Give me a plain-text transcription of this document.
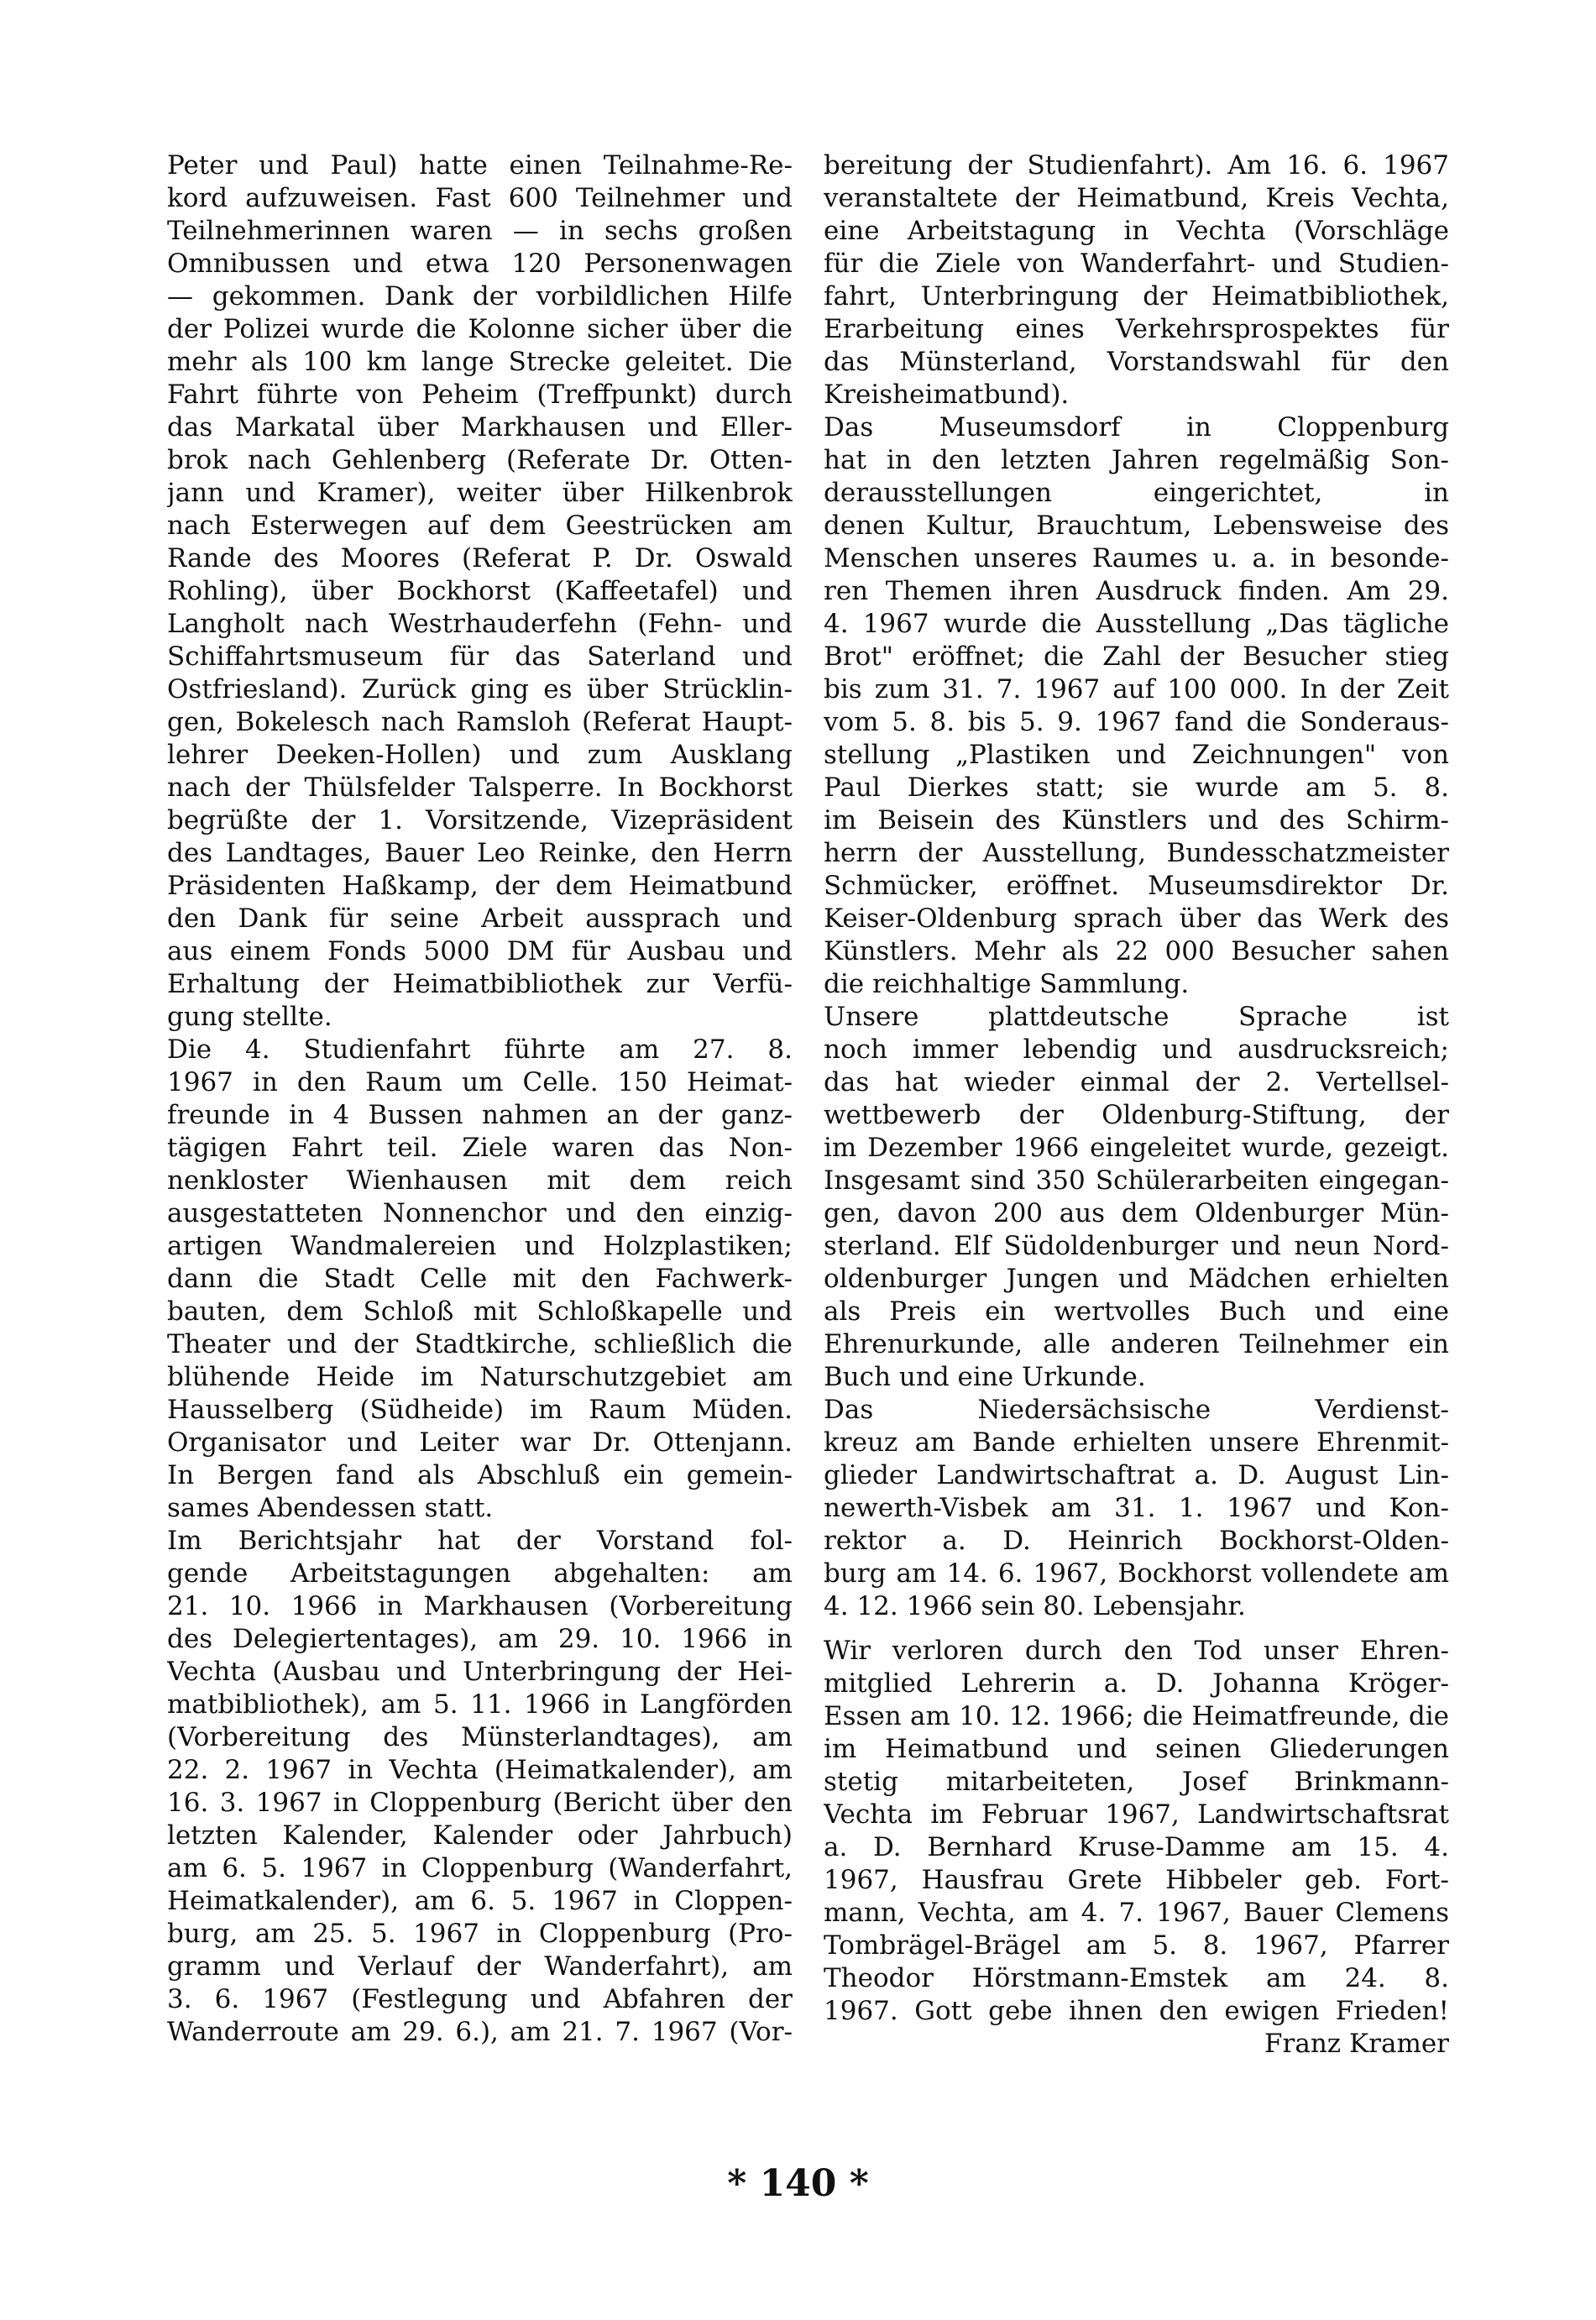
Peter und Paul) hatte einen Teilnahme-Re-
kord aufzuweisen. Fast 600 Teilnehmer und
Teilnehmerinnen waren — in sechs großen
Omnibussen und etwa 120 Personenwagen
— gekommen. Dank der vorbildlichen Hilfe
der Polizei wurde die Kolonne sicher über die
mehr als 100 km lange Strecke geleitet. Die
Fahrt führte von Peheim (Treffpunkt) durch
das Markatal über Markhausen und Eller-
brok nach Gehlenberg (Referate Dr. Otten-
jann und Kramer), weiter über Hilkenbrok
nach Esterwegen auf dem Geestrücken am
Rande des Moores (Referat P. Dr. Oswald
Rohling), über Bockhorst (Kaffeetafel) und
Langholt nach Westrhauderfehn (Fehn- und
Schiffahrtsmuseum für das Saterland und
Ostfriesland). Zurück ging es über Strücklin-
gen, Bokelesch nach Ramsloh (Referat Haupt-
lehrer Deeken-Hollen) und zum Ausklang
nach der Thülsfelder Talsperre. In Bockhorst
begrüßte der 1. Vorsitzende, Vizepräsident
des Landtages, Bauer Leo Reinke, den Herrn
Präsidenten Haßkamp, der dem Heimatbund
den Dank für seine Arbeit aussprach und
aus einem Fonds 5000 DM für Ausbau und
Erhaltung der Heimatbibliothek zur Verfü-
gung stellte.
Die 4. Studienfahrt führte am 27. 8.
1967 in den Raum um Celle. 150 Heimat-
freunde in 4 Bussen nahmen an der ganz-
tägigen Fahrt teil. Ziele waren das Non-
nenkloster Wienhausen mit dem reich
ausgestatteten Nonnenchor und den einzig-
artigen Wandmalereien und Holzplastiken;
dann die Stadt Celle mit den Fachwerk-
bauten, dem Schloß mit Schloßkapelle und
Theater und der Stadtkirche, schließlich die
blühende Heide im Naturschutzgebiet am
Hausselberg (Südheide) im Raum Müden.
Organisator und Leiter war Dr. Ottenjann.
In Bergen fand als Abschluß ein gemein-
sames Abendessen statt.
Im Berichtsjahr hat der Vorstand fol-
gende Arbeitstagungen abgehalten: am
21. 10. 1966 in Markhausen (Vorbereitung
des Delegiertentages), am 29. 10. 1966 in
Vechta (Ausbau und Unterbringung der Hei-
matbibliothek), am 5. 11. 1966 in Langförden
(Vorbereitung des Münsterlandtages), am
22. 2. 1967 in Vechta (Heimatkalender), am
16. 3. 1967 in Cloppenburg (Bericht über den
letzten Kalender, Kalender oder Jahrbuch)
am 6. 5. 1967 in Cloppenburg (Wanderfahrt,
Heimatkalender), am 6. 5. 1967 in Cloppen-
burg, am 25. 5. 1967 in Cloppenburg (Pro-
gramm und Verlauf der Wanderfahrt), am
3. 6. 1967 (Festlegung und Abfahren der
Wanderroute am 29. 6.), am 21. 7. 1967 (Vor-
bereitung der Studienfahrt). Am 16. 6. 1967
veranstaltete der Heimatbund, Kreis Vechta,
eine Arbeitstagung in Vechta (Vorschläge
für die Ziele von Wanderfahrt- und Studien-
fahrt, Unterbringung der Heimatbibliothek,
Erarbeitung eines Verkehrsprospektes für
das Münsterland, Vorstandswahl für den
Kreisheimatbund).
Das Museumsdorf in Cloppenburg
hat in den letzten Jahren regelmäßig Son-
derausstellungen eingerichtet, in
denen Kultur, Brauchtum, Lebensweise des
Menschen unseres Raumes u. a. in besonde-
ren Themen ihren Ausdruck finden. Am 29.
4. 1967 wurde die Ausstellung „Das tägliche
Brot" eröffnet; die Zahl der Besucher stieg
bis zum 31. 7. 1967 auf 100 000. In der Zeit
vom 5. 8. bis 5. 9. 1967 fand die Sonderaus-
stellung „Plastiken und Zeichnungen" von
Paul Dierkes statt; sie wurde am 5. 8.
im Beisein des Künstlers und des Schirm-
herrn der Ausstellung, Bundesschatzmeister
Schmücker, eröffnet. Museumsdirektor Dr.
Keiser-Oldenburg sprach über das Werk des
Künstlers. Mehr als 22 000 Besucher sahen
die reichhaltige Sammlung.
Unsere plattdeutsche Sprache ist
noch immer lebendig und ausdrucksreich;
das hat wieder einmal der 2. Vertellsel-
wettbewerb der Oldenburg-Stiftung, der
im Dezember 1966 eingeleitet wurde, gezeigt.
Insgesamt sind 350 Schülerarbeiten eingegan-
gen, davon 200 aus dem Oldenburger Mün-
sterland. Elf Südoldenburger und neun Nord-
oldenburger Jungen und Mädchen erhielten
als Preis ein wertvolles Buch und eine
Ehrenurkunde, alle anderen Teilnehmer ein
Buch und eine Urkunde.
Das Niedersächsische Verdienst-
kreuz am Bande erhielten unsere Ehrenmit-
glieder Landwirtschaftrat a. D. August Lin-
newerth-Visbek am 31. 1. 1967 und Kon-
rektor a. D. Heinrich Bockhorst-Olden-
burg am 14. 6. 1967, Bockhorst vollendete am
4. 12. 1966 sein 80. Lebensjahr.
Wir verloren durch den Tod unser Ehren-
mitglied Lehrerin a. D. Johanna Kröger-
Essen am 10. 12. 1966; die Heimatfreunde, die
im Heimatbund und seinen Gliederungen
stetig mitarbeiteten, Josef Brinkmann-
Vechta im Februar 1967, Landwirtschaftsrat
a. D. Bernhard Kruse-Damme am 15. 4.
1967, Hausfrau Grete Hibbeler geb. Fort-
mann, Vechta, am 4. 7. 1967, Bauer Clemens
Tombrägel-Brägel am 5. 8. 1967, Pfarrer
Theodor Hörstmann-Emstek am 24. 8.
1967. Gott gebe ihnen den ewigen Frieden!
Franz Kramer
* 140 *
